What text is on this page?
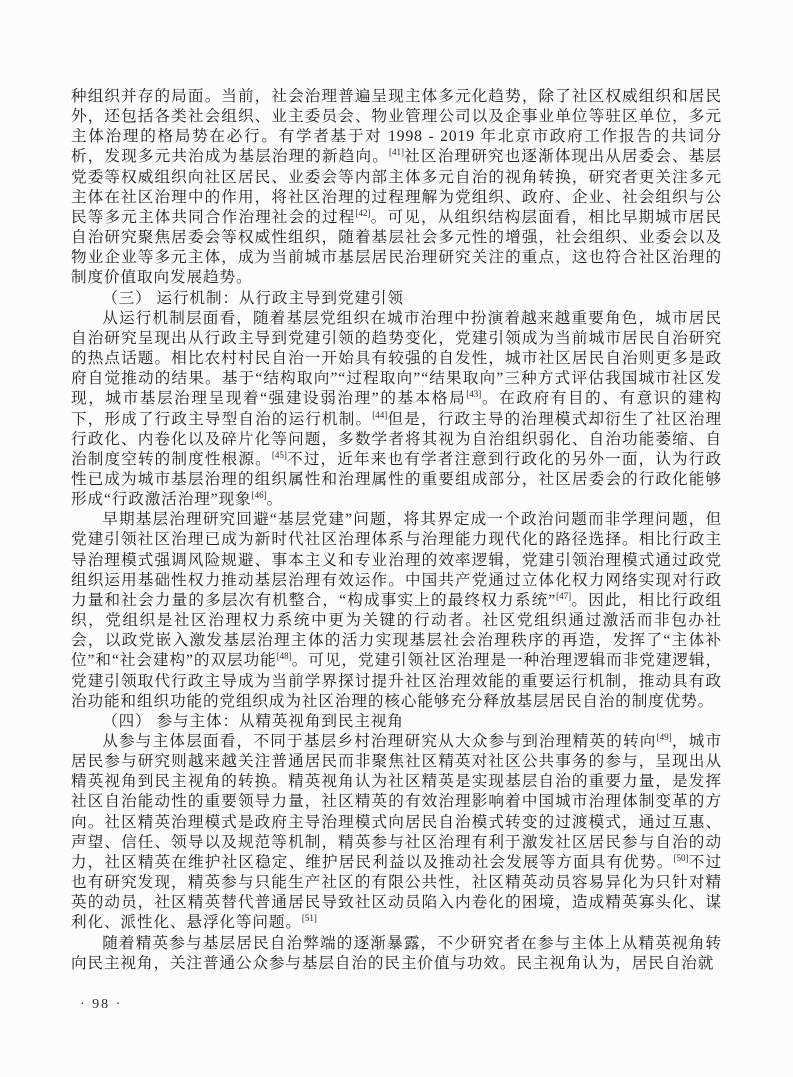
种组织并存的局面。当前，社会治理普遍呈现主体多元化趋势，除了社区权威组织和居民外，还包括各类社会组织、业主委员会、物业管理公司以及企事业单位等驻区单位，多元主体治理的格局势在必行。有学者基于对 1998 - 2019 年北京市政府工作报告的共词分析，发现多元共治成为基层治理的新趋向。[41]社区治理研究也逐渐体现出从居委会、基层党委等权威组织向社区居民、业委会等内部主体多元自治的视角转换，研究者更关注多元主体在社区治理中的作用，将社区治理的过程理解为党组织、政府、企业、社会组织与公民等多元主体共同合作治理社会的过程[42]。可见，从组织结构层面看，相比早期城市居民自治研究聚焦居委会等权威性组织，随着基层社会多元性的增强，社会组织、业委会以及物业企业等多元主体，成为当前城市基层居民治理研究关注的重点，这也符合社区治理的制度价值取向发展趋势。

（三） 运行机制：从行政主导到党建引领

从运行机制层面看，随着基层党组织在城市治理中扮演着越来越重要角色，城市居民自治研究呈现出从行政主导到党建引领的趋势变化，党建引领成为当前城市居民自治研究的热点话题。相比农村村民自治一开始具有较强的自发性，城市社区居民自治则更多是政府自觉推动的结果。基于“结构取向”“过程取向”“结果取向”三种方式评估我国城市社区发现，城市基层治理呈现着“强建设弱治理”的基本格局[43]。在政府有目的、有意识的建构下，形成了行政主导型自治的运行机制。[44]但是，行政主导的治理模式却衍生了社区治理行政化、内卷化以及碎片化等问题，多数学者将其视为自治组织弱化、自治功能萎缩、自治制度空转的制度性根源。[45]不过，近年来也有学者注意到行政化的另外一面，认为行政性已成为城市基层治理的组织属性和治理属性的重要组成部分，社区居委会的行政化能够形成“行政激活治理”现象[46]。

早期基层治理研究回避“基层党建”问题，将其界定成一个政治问题而非学理问题，但党建引领社区治理已成为新时代社区治理体系与治理能力现代化的路径选择。相比行政主导治理模式强调风险规避、事本主义和专业治理的效率逻辑，党建引领治理模式通过政党组织运用基础性权力推动基层治理有效运作。中国共产党通过立体化权力网络实现对行政力量和社会力量的多层次有机整合，“构成事实上的最终权力系统”[47]。因此，相比行政组织，党组织是社区治理权力系统中更为关键的行动者。社区党组织通过激活而非包办社会，以政党嵌入激发基层治理主体的活力实现基层社会治理秩序的再造，发挥了“主体补位”和“社会建构”的双层功能[48]。可见，党建引领社区治理是一种治理逻辑而非党建逻辑，党建引领取代行政主导成为当前学界探讨提升社区治理效能的重要运行机制，推动具有政治功能和组织功能的党组织成为社区治理的核心能够充分释放基层居民自治的制度优势。

（四） 参与主体：从精英视角到民主视角

从参与主体层面看，不同于基层乡村治理研究从大众参与到治理精英的转向[49]，城市居民参与研究则越来越关注普通居民而非聚焦社区精英对社区公共事务的参与，呈现出从精英视角到民主视角的转换。精英视角认为社区精英是实现基层自治的重要力量，是发挥社区自治能动性的重要领导力量，社区精英的有效治理影响着中国城市治理体制变革的方向。社区精英治理模式是政府主导治理模式向居民自治模式转变的过渡模式，通过互惠、声望、信任、领导以及规范等机制，精英参与社区治理有利于激发社区居民参与自治的动力，社区精英在维护社区稳定、维护居民利益以及推动社会发展等方面具有优势。[50]不过也有研究发现，精英参与只能生产社区的有限公共性，社区精英动员容易异化为只针对精英的动员，社区精英替代普通居民导致社区动员陷入内卷化的困境，造成精英寡头化、谋利化、派性化、悬浮化等问题。[51]

随着精英参与基层居民自治弊端的逐渐暴露，不少研究者在参与主体上从精英视角转向民主视角，关注普通公众参与基层自治的民主价值与功效。民主视角认为，居民自治就

· 98 ·
